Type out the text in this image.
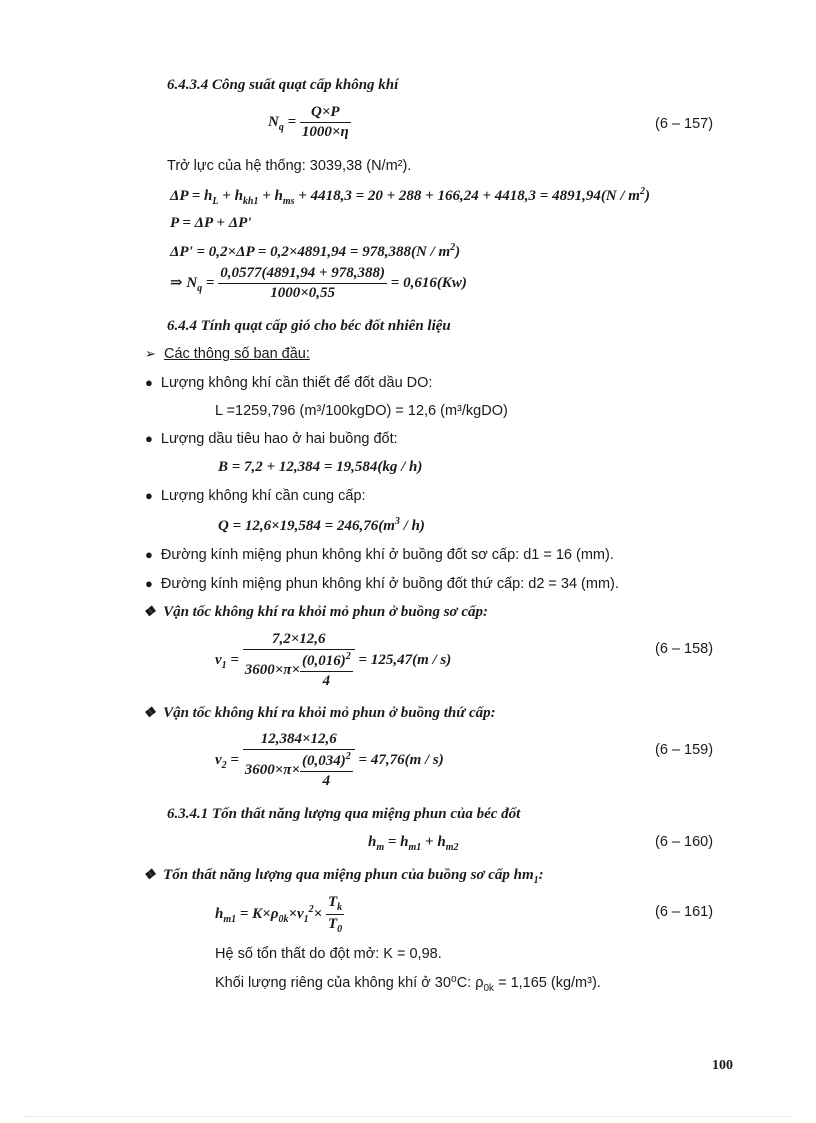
6.4.3.4 Công suất quạt cấp không khí
$N_q = \frac{Q\times P}{1000\times\eta}$	(6 – 157)
Trở lực của hệ thống: 3039,38 (N/m²).
$\Delta P = h_L + h_{kh1} + h_{ms} + 4418,3 = 20 + 288 + 166,24 + 4418,3 = 4891,94(N / m^2)$
P = ΔP + ΔP'
$\Delta P' = 0,2\times\Delta P = 0,2\times 4891,94 = 978,388(N / m^2)$
⇒ $N_q = \frac{0,0577(4891,94 + 978,388)}{1000\times 0,55} = 0,616(Kw)$
6.4.4 Tính quạt cấp gió cho béc đốt nhiên liệu
➢ Các thông số ban đầu:
● Lượng không khí cần thiết để đốt dầu DO:
L =1259,796 (m³/100kgDO) = 12,6 (m³/kgDO)
● Lượng dầu tiêu hao ở hai buồng đốt:
B = 7,2 + 12,384 = 19,584(kg / h)
● Lượng không khí cần cung cấp:
$Q = 12,6\times 19,584 = 246,76(m^3 / h)$
● Đường kính miệng phun không khí ở buồng đốt sơ cấp: d1 = 16 (mm).
● Đường kính miệng phun không khí ở buồng đốt thứ cấp: d2 = 34 (mm).
❖ Vận tốc không khí ra khỏi mỏ phun ở buồng sơ cấp:
$v_1 = \frac{7,2\times 12,6}{3600\times\pi\times \frac{(0,016)^2}{4}} = 125,47(m / s)$
(6 – 158)
❖ Vận tốc không khí ra khỏi mỏ phun ở buồng thứ cấp:
$v_2 = \frac{12,384\times 12,6}{3600\times\pi\times \frac{(0,034)^2}{4}} = 47,76(m / s)$
(6 – 159)
6.3.4.1 Tổn thất năng lượng qua miệng phun của béc đốt
$h_m = h_{m1} + h_{m2}$	(6 – 160)
❖ Tổn thất năng lượng qua miệng phun của buồng sơ cấp $hm_1$:
$h_{m1} = K\times\rho_{0k}\times v_1^2\times \frac{T_k}{T_0}$	(6 – 161)
Hệ số tổn thất do đột mở: K = 0,98.
Khối lượng riêng của không khí ở 30⁰C: $\rho_{0k} = 1,165$ (kg/m³).
100
